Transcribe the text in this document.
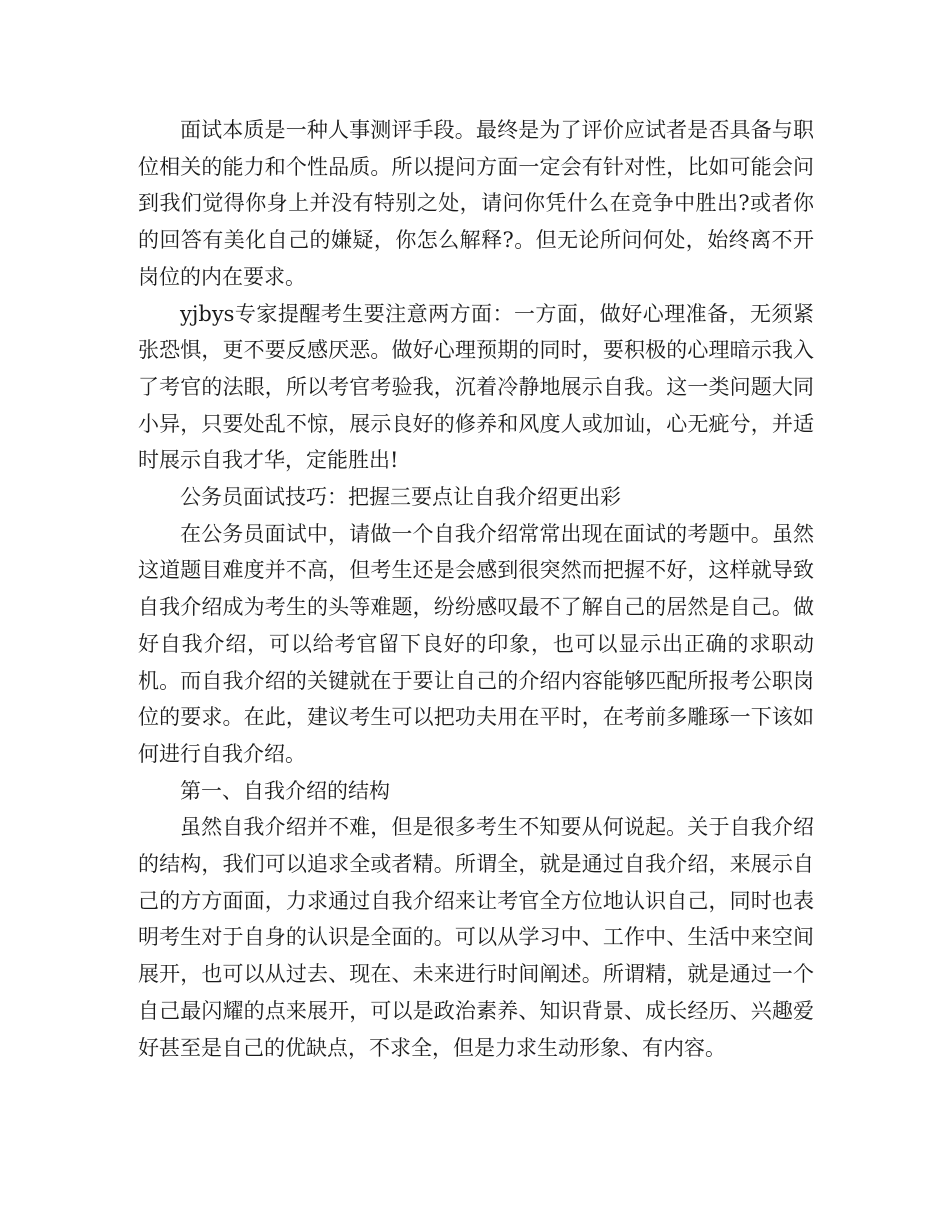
面试本质是一种人事测评手段。最终是为了评价应试者是否具备与职位相关的能力和个性品质。所以提问方面一定会有针对性，比如可能会问到我们觉得你身上并没有特别之处，请问你凭什么在竞争中胜出?或者你的回答有美化自己的嫌疑，你怎么解释?。但无论所问何处，始终离不开岗位的内在要求。

yjbys专家提醒考生要注意两方面：一方面，做好心理准备，无须紧张恐惧，更不要反感厌恶。做好心理预期的同时，要积极的心理暗示我入了考官的法眼，所以考官考验我，沉着冷静地展示自我。这一类问题大同小异，只要处乱不惊，展示良好的修养和风度人或加讪，心无疵兮，并适时展示自我才华，定能胜出!

公务员面试技巧：把握三要点让自我介绍更出彩

在公务员面试中，请做一个自我介绍常常出现在面试的考题中。虽然这道题目难度并不高，但考生还是会感到很突然而把握不好，这样就导致自我介绍成为考生的头等难题，纷纷感叹最不了解自己的居然是自己。做好自我介绍，可以给考官留下良好的印象，也可以显示出正确的求职动机。而自我介绍的关键就在于要让自己的介绍内容能够匹配所报考公职岗位的要求。在此，建议考生可以把功夫用在平时，在考前多雕琢一下该如何进行自我介绍。

第一、自我介绍的结构

虽然自我介绍并不难，但是很多考生不知要从何说起。关于自我介绍的结构，我们可以追求全或者精。所谓全，就是通过自我介绍，来展示自己的方方面面，力求通过自我介绍来让考官全方位地认识自己，同时也表明考生对于自身的认识是全面的。可以从学习中、工作中、生活中来空间展开，也可以从过去、现在、未来进行时间阐述。所谓精，就是通过一个自己最闪耀的点来展开，可以是政治素养、知识背景、成长经历、兴趣爱好甚至是自己的优缺点，不求全，但是力求生动形象、有内容。
